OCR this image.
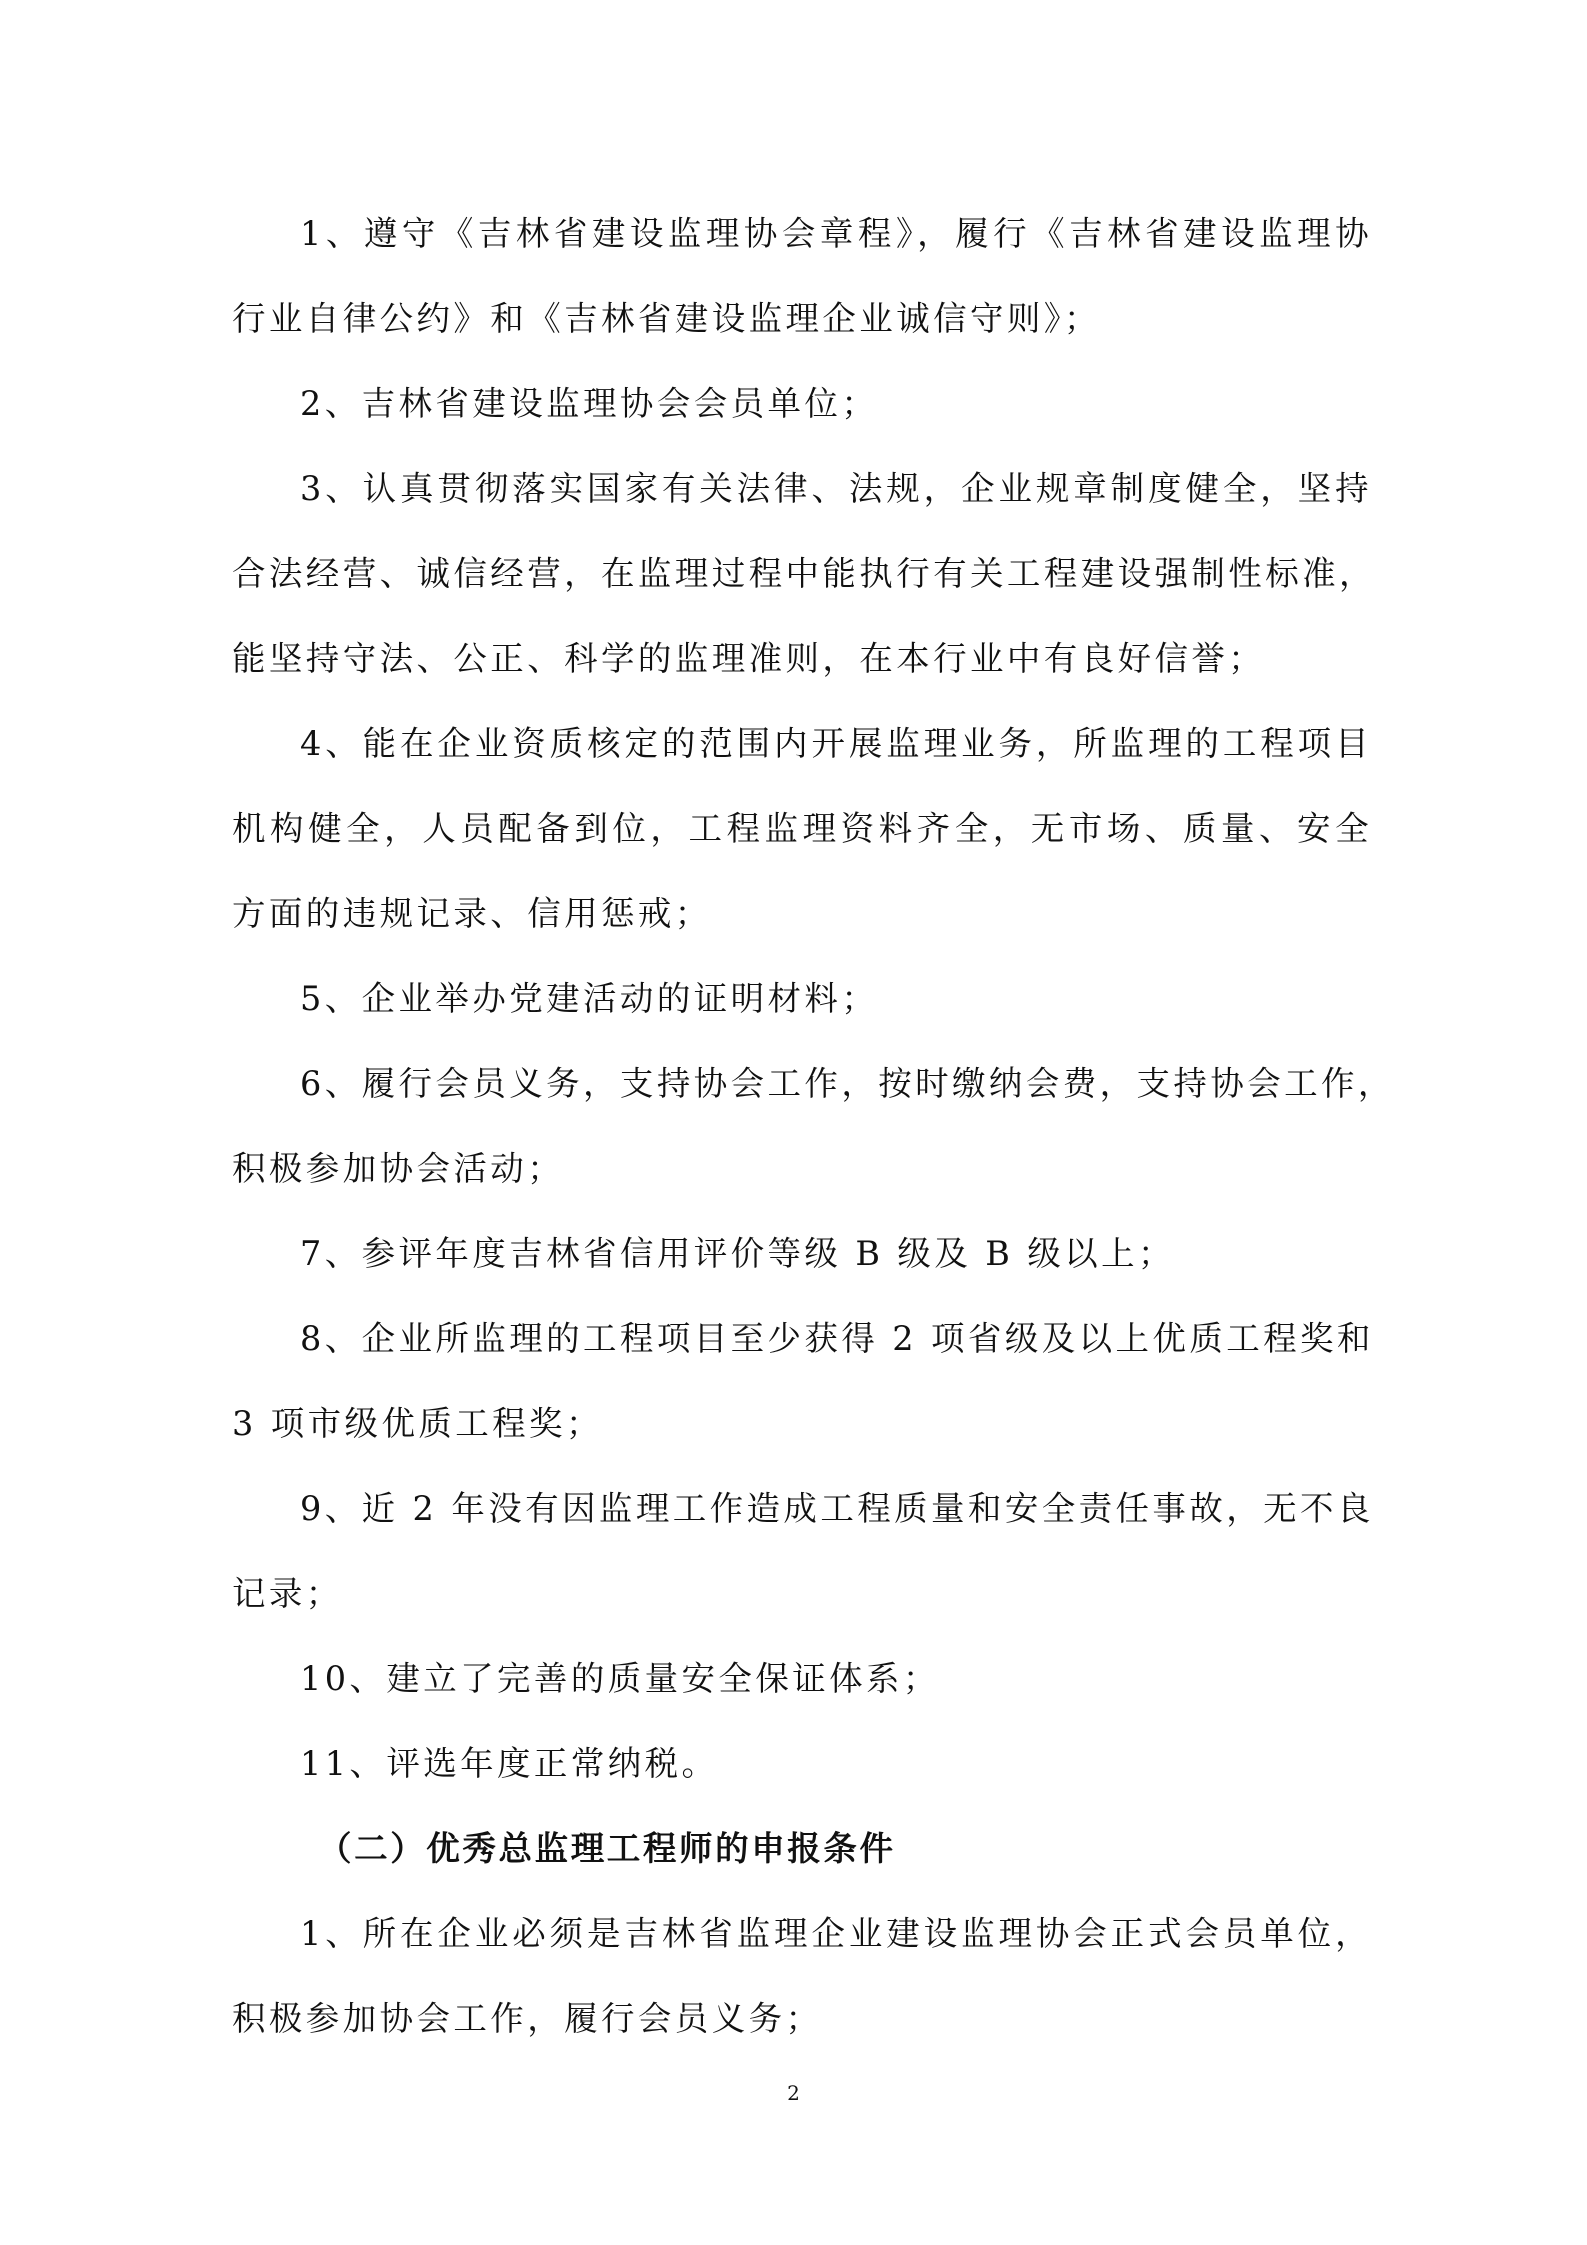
1、遵守《吉林省建设监理协会章程》，履行《吉林省建设监理协
行业自律公约》和《吉林省建设监理企业诚信守则》；
2、吉林省建设监理协会会员单位；
3、认真贯彻落实国家有关法律、法规，企业规章制度健全，坚持
合法经营、诚信经营，在监理过程中能执行有关工程建设强制性标准，
能坚持守法、公正、科学的监理准则，在本行业中有良好信誉；
4、能在企业资质核定的范围内开展监理业务，所监理的工程项目
机构健全，人员配备到位，工程监理资料齐全，无市场、质量、安全
方面的违规记录、信用惩戒；
5、企业举办党建活动的证明材料；
6、履行会员义务，支持协会工作，按时缴纳会费，支持协会工作，
积极参加协会活动；
7、参评年度吉林省信用评价等级 B 级及 B 级以上；
8、企业所监理的工程项目至少获得 2 项省级及以上优质工程奖和
3 项市级优质工程奖；
9、近 2 年没有因监理工作造成工程质量和安全责任事故，无不良
记录；
10、建立了完善的质量安全保证体系；
11、评选年度正常纳税。
（二）优秀总监理工程师的申报条件
1、所在企业必须是吉林省监理企业建设监理协会正式会员单位，
积极参加协会工作，履行会员义务；
2
